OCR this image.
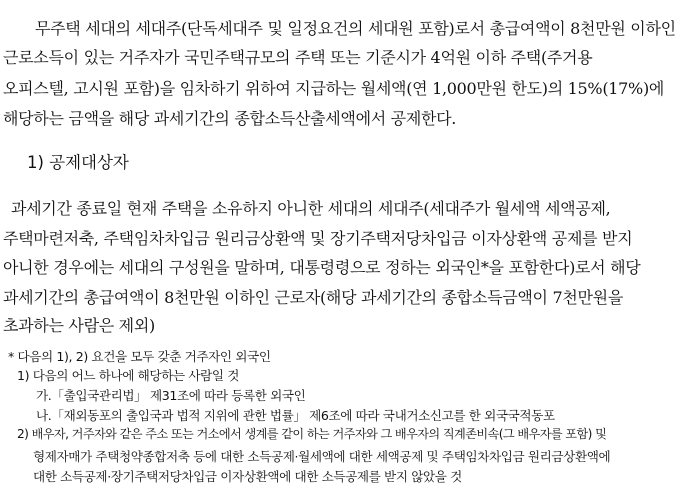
무주택 세대의 세대주(단독세대주 및 일정요건의 세대원 포함)로서 총급여액이 8천만원 이하인
근로소득이 있는 거주자가 국민주택규모의 주택 또는 기준시가 4억원 이하 주택(주거용
오피스텔, 고시원 포함)을 임차하기 위하여 지급하는 월세액(연 1,000만원 한도)의 15%(17%)에
해당하는 금액을 해당 과세기간의 종합소득산출세액에서 공제한다.
1) 공제대상자
과세기간 종료일 현재 주택을 소유하지 아니한 세대의 세대주(세대주가 월세액 세액공제,
주택마련저축, 주택임차차입금 원리금상환액 및 장기주택저당차입금 이자상환액 공제를 받지
아니한 경우에는 세대의 구성원을 말하며, 대통령령으로 정하는 외국인*을 포함한다)로서 해당
과세기간의 총급여액이 8천만원 이하인 근로자(해당 과세기간의 종합소득금액이 7천만원을
초과하는 사람은 제외)
* 다음의 1), 2) 요건을 모두 갖춘 거주자인 외국인
1) 다음의 어느 하나에 해당하는 사람일 것
가.「출입국관리법」 제31조에 따라 등록한 외국인
나.「재외동포의 출입국과 법적 지위에 관한 법률」 제6조에 따라 국내거소신고를 한 외국국적동포
2) 배우자, 거주자와 같은 주소 또는 거소에서 생계를 같이 하는 거주자와 그 배우자의 직계존비속(그 배우자를 포함) 및
형제자매가 주택청약종합저축 등에 대한 소득공제·월세액에 대한 세액공제 및 주택임차차입금 원리금상환액에
대한 소득공제·장기주택저당차입금 이자상환액에 대한 소득공제를 받지 않았을 것
